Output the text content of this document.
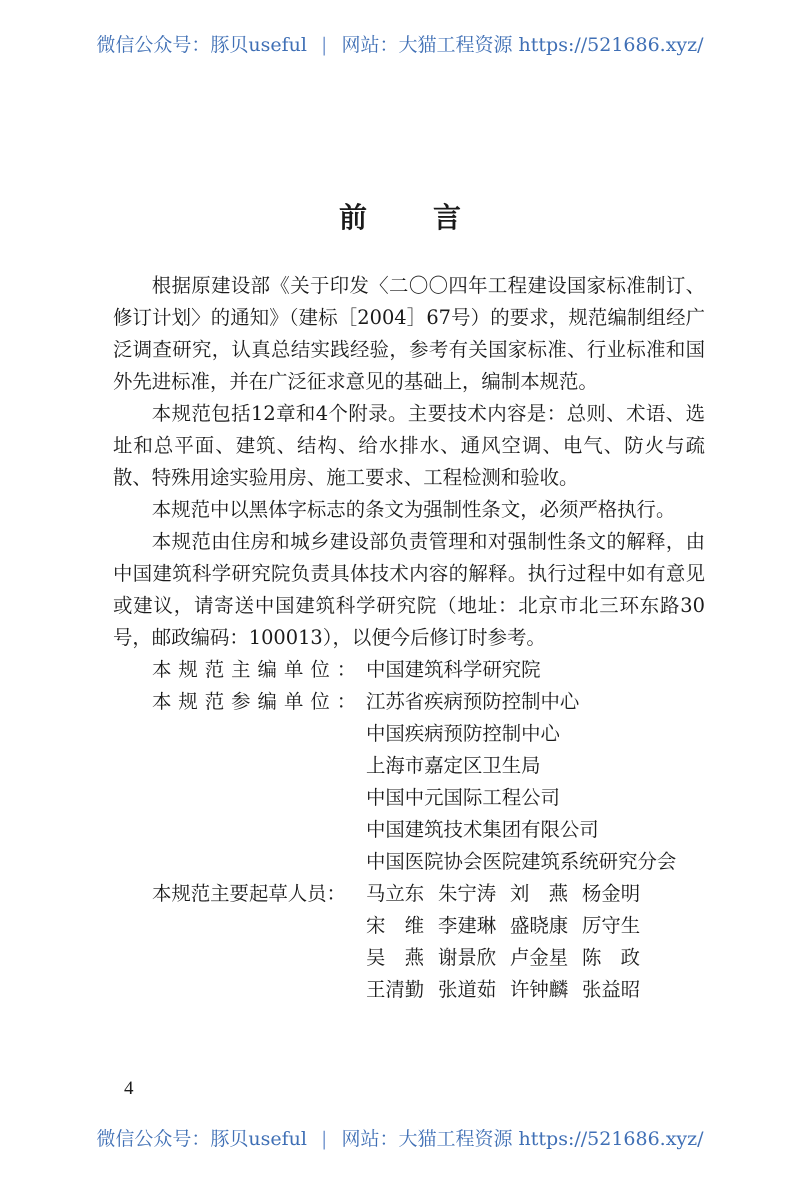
微信公众号：豚贝useful | 网站：大猫工程资源 https://521686.xyz/
前 言

根据原建设部《关于印发〈二〇〇四年工程建设国家标准制订、修订计划〉的通知》（建标［2004］67号）的要求，规范编制组经广泛调查研究，认真总结实践经验，参考有关国家标准、行业标准和国外先进标准，并在广泛征求意见的基础上，编制本规范。

本规范包括12章和4个附录。主要技术内容是：总则、术语、选址和总平面、建筑、结构、给水排水、通风空调、电气、防火与疏散、特殊用途实验用房、施工要求、工程检测和验收。

本规范中以黑体字标志的条文为强制性条文，必须严格执行。

本规范由住房和城乡建设部负责管理和对强制性条文的解释，由中国建筑科学研究院负责具体技术内容的解释。执行过程中如有意见或建议，请寄送中国建筑科学研究院（地址：北京市北三环东路30号，邮政编码：100013），以便今后修订时参考。

本规范主编单位： 中国建筑科学研究院
本规范参编单位： 江苏省疾病预防控制中心
中国疾病预防控制中心
上海市嘉定区卫生局
中国中元国际工程公司
中国建筑技术集团有限公司
中国医院协会医院建筑系统研究分会
本规范主要起草人员：	马立东 朱宁涛 刘燕 杨金明
宋维 李建琳 盛晓康 厉守生
吴燕 谢景欣 卢金星 陈政
王清勤 张道茹 许钟麟 张益昭
4
微信公众号：豚贝useful | 网站：大猫工程资源 https://521686.xyz/
